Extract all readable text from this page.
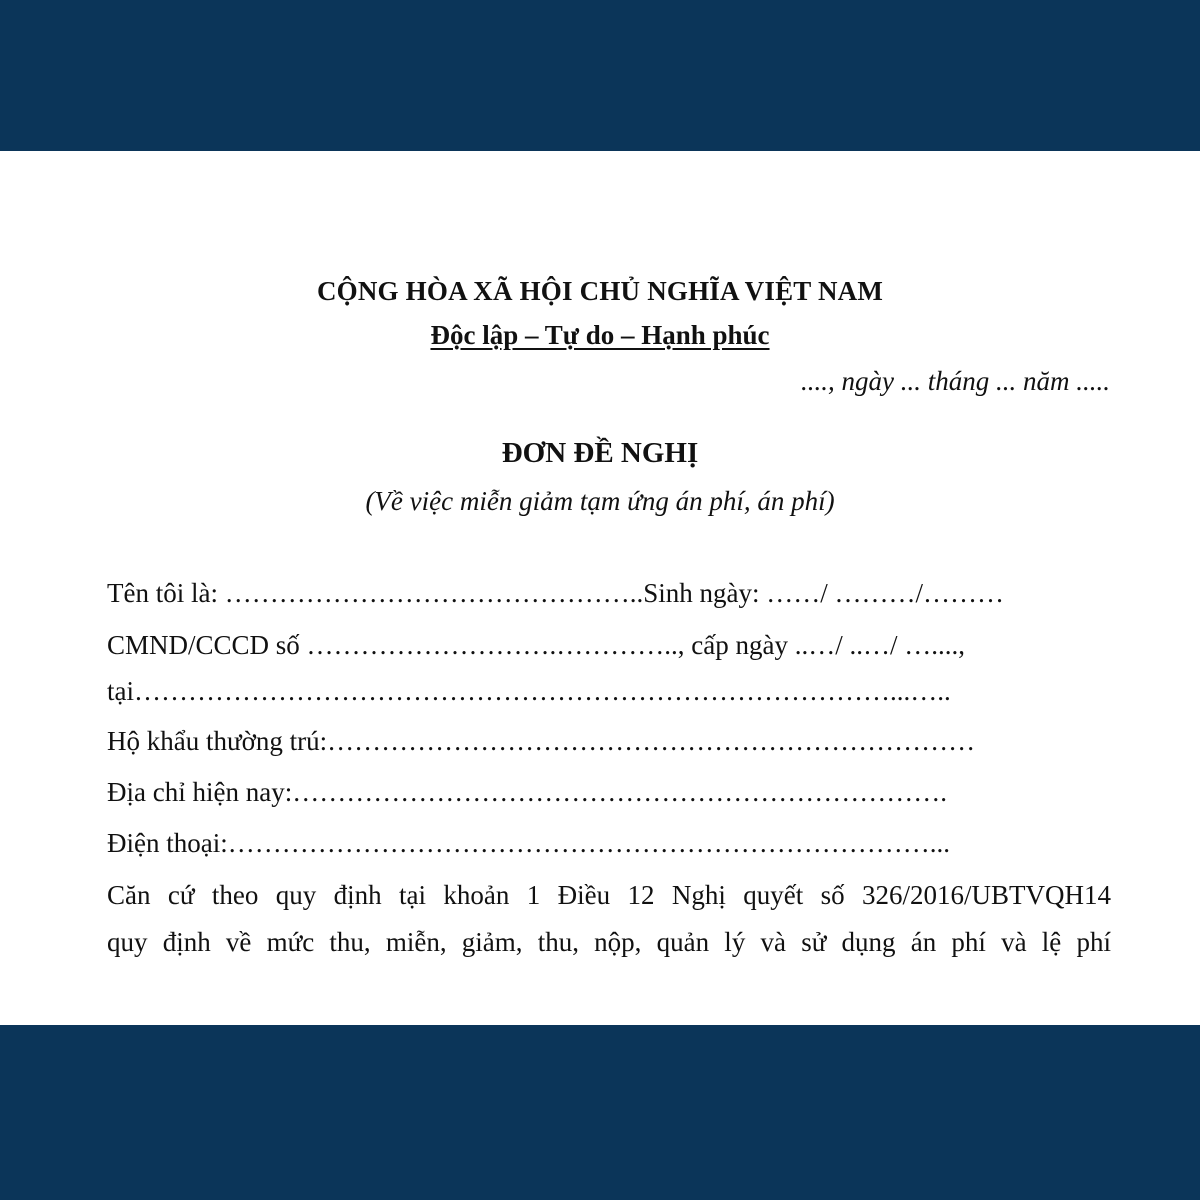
CỘNG HÒA XÃ HỘI CHỦ NGHĨA VIỆT NAM
Độc lập – Tự do – Hạnh phúc
...., ngày ... tháng ... năm .....
ĐƠN ĐỀ NGHỊ
(Về việc miễn giảm tạm ứng án phí, án phí)
Tên tôi là: ………………………………………..Sinh ngày: ……/ ………/………
CMND/CCCD số ……………………….………….., cấp ngày ..…/ ..…/ …....,
tại…………………………………………………………………………...…..
Hộ khẩu thường trú:………………………………………………………………
Địa chỉ hiện nay:……………………………………………………………….
Điện thoại:……………………………………………………………………...
Căn cứ theo quy định tại khoản 1 Điều 12 Nghị quyết số 326/2016/UBTVQH14
quy định về mức thu, miễn, giảm, thu, nộp, quản lý và sử dụng án phí và lệ phí
